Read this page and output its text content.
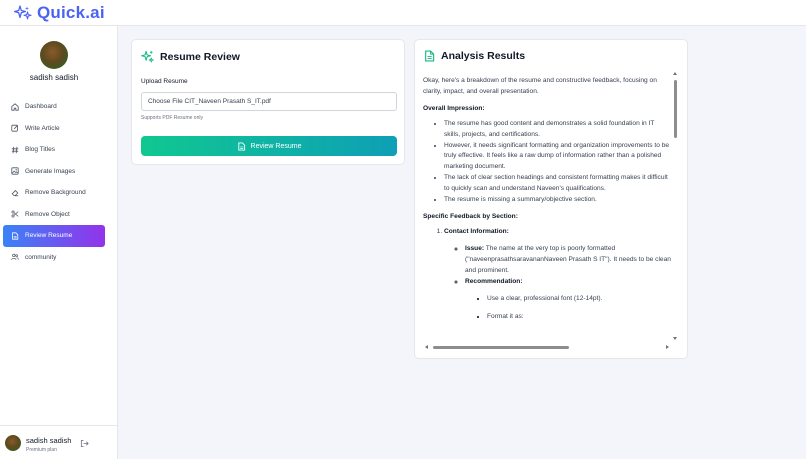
Quick.ai
sadish sadish
Dashboard
Write Article
Blog Titles
Generate Images
Remove Background
Remove Object
Review Resume
community
sadish sadish
Premium plan
Resume Review
Upload Resume
Choose File
CIT_Naveen Prasath S_IT.pdf
Supports PDF Resume only
Review Resume
Analysis Results

Okay, here's a breakdown of the resume and constructive feedback, focusing on clarity, impact, and overall presentation.

Overall Impression:

• The resume has good content and demonstrates a solid foundation in IT skills, projects, and certifications.
• However, it needs significant formatting and organization improvements to be truly effective. It feels like a raw dump of information rather than a polished marketing document.
• The lack of clear section headings and consistent formatting makes it difficult to quickly scan and understand Naveen's qualifications.
• The resume is missing a summary/objective section.

Specific Feedback by Section:

1. Contact Information:
◦ Issue: The name at the very top is poorly formatted ("naveenprasathsaravananNaveen Prasath S IT"). It needs to be clean and prominent.
◦ Recommendation:
▪ Use a clear, professional font (12-14pt).
▪ Format it as:
